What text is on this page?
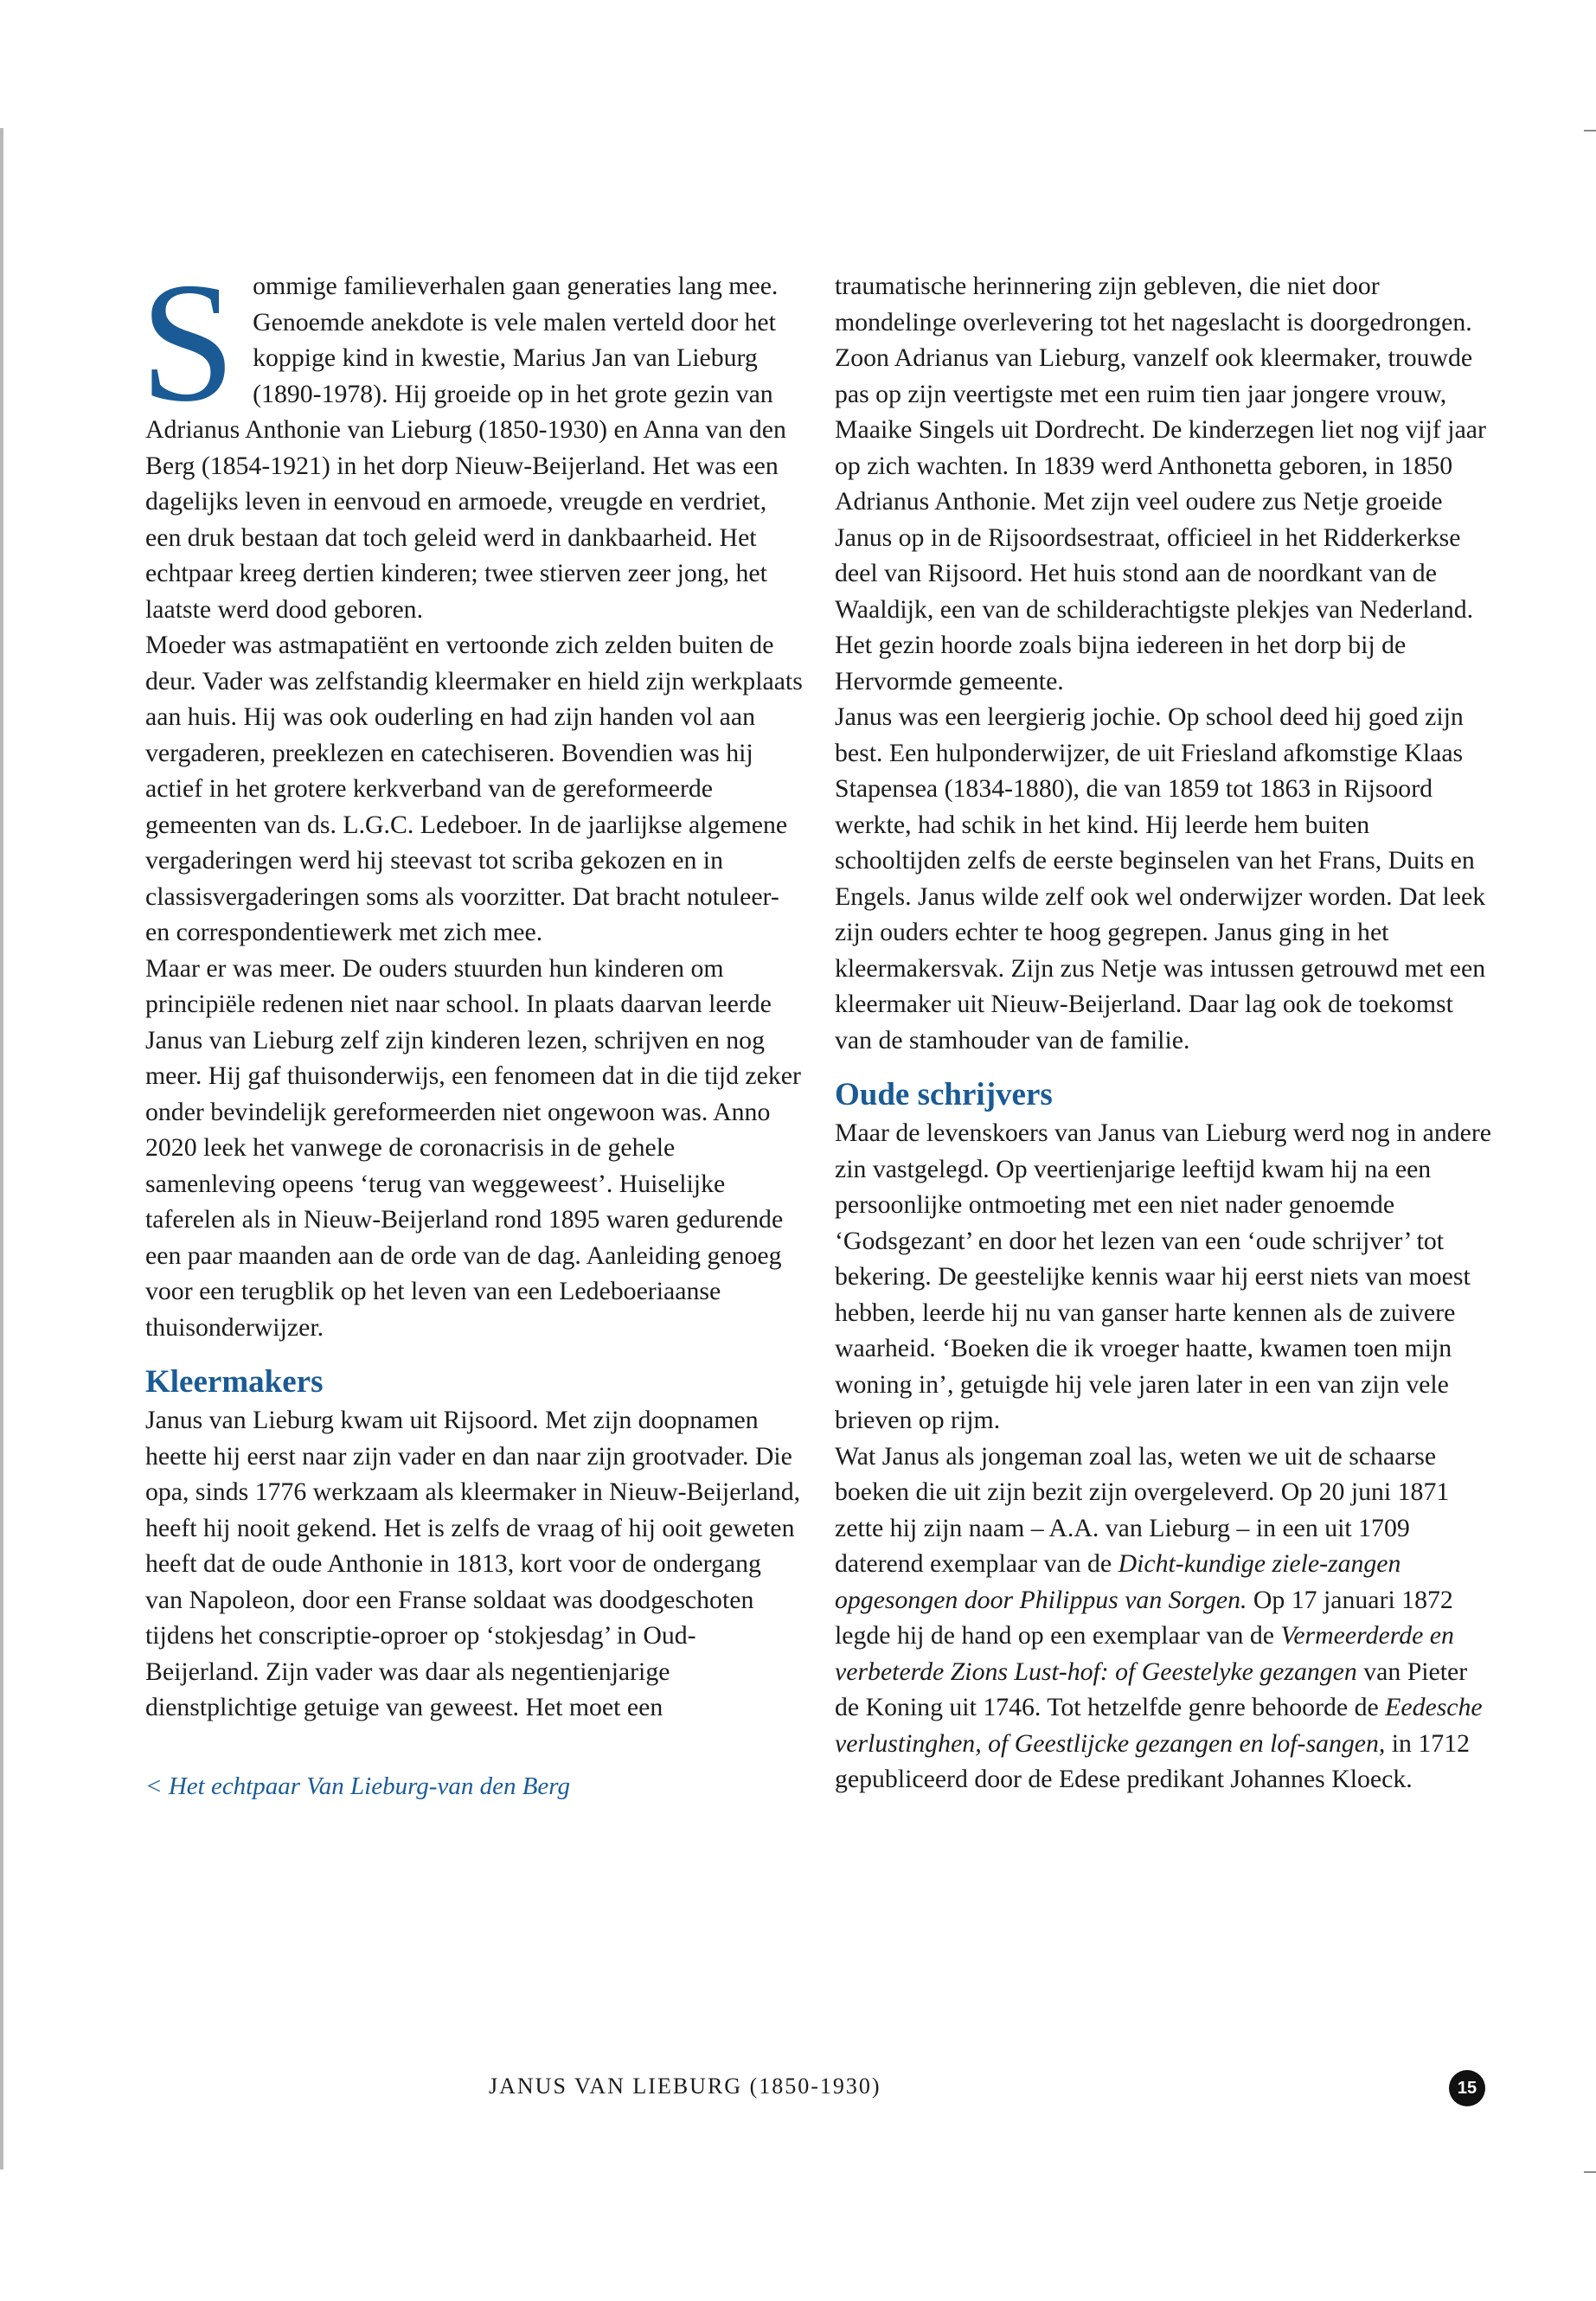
Sommige familieverhalen gaan generaties lang mee. Genoemde anekdote is vele malen verteld door het koppige kind in kwestie, Marius Jan van Lieburg (1890-1978). Hij groeide op in het grote gezin van Adrianus Anthonie van Lieburg (1850-1930) en Anna van den Berg (1854-1921) in het dorp Nieuw-Beijerland. Het was een dagelijks leven in eenvoud en armoede, vreugde en verdriet, een druk bestaan dat toch geleid werd in dankbaarheid. Het echtpaar kreeg dertien kinderen; twee stierven zeer jong, het laatste werd dood geboren.

Moeder was astmapatiënt en vertoonde zich zelden buiten de deur. Vader was zelfstandig kleermaker en hield zijn werkplaats aan huis. Hij was ook ouderling en had zijn handen vol aan vergaderen, preeklezen en catechiseren. Bovendien was hij actief in het grotere kerkverband van de gereformeerde gemeenten van ds. L.G.C. Ledeboer. In de jaarlijkse algemene vergaderingen werd hij steevast tot scriba gekozen en in classisvergaderingen soms als voorzitter. Dat bracht notuleer- en correspondentiewerk met zich mee.

Maar er was meer. De ouders stuurden hun kinderen om principiële redenen niet naar school. In plaats daarvan leerde Janus van Lieburg zelf zijn kinderen lezen, schrijven en nog meer. Hij gaf thuisonderwijs, een fenomeen dat in die tijd zeker onder bevindelijk gereformeerden niet ongewoon was. Anno 2020 leek het vanwege de coronacrisis in de gehele samenleving opeens ‘terug van weggeweest’. Huiselijke taferelen als in Nieuw-Beijerland rond 1895 waren gedurende een paar maanden aan de orde van de dag. Aanleiding genoeg voor een terugblik op het leven van een Ledeboeriaanse thuisonderwijzer.

Kleermakers

Janus van Lieburg kwam uit Rijsoord. Met zijn doopnamen heette hij eerst naar zijn vader en dan naar zijn grootvader. Die opa, sinds 1776 werkzaam als kleermaker in Nieuw-Beijerland, heeft hij nooit gekend. Het is zelfs de vraag of hij ooit geweten heeft dat de oude Anthonie in 1813, kort voor de ondergang van Napoleon, door een Franse soldaat was doodgeschoten tijdens het conscriptie-oproer op ‘stokjesdag’ in Oud-Beijerland. Zijn vader was daar als negentienjarige dienstplichtige getuige van geweest. Het moet een

< Het echtpaar Van Lieburg-van den Berg

traumatische herinnering zijn gebleven, die niet door mondelinge overlevering tot het nageslacht is doorgedrongen.

Zoon Adrianus van Lieburg, vanzelf ook kleermaker, trouwde pas op zijn veertigste met een ruim tien jaar jongere vrouw, Maaike Singels uit Dordrecht. De kinderzegen liet nog vijf jaar op zich wachten. In 1839 werd Anthonetta geboren, in 1850 Adrianus Anthonie. Met zijn veel oudere zus Netje groeide Janus op in de Rijsoordsestraat, officieel in het Ridderkerkse deel van Rijsoord. Het huis stond aan de noordkant van de Waaldijk, een van de schilderachtigste plekjes van Nederland. Het gezin hoorde zoals bijna iedereen in het dorp bij de Hervormde gemeente.

Janus was een leergierig jochie. Op school deed hij goed zijn best. Een hulponderwijzer, de uit Friesland afkomstige Klaas Stapensea (1834-1880), die van 1859 tot 1863 in Rijsoord werkte, had schik in het kind. Hij leerde hem buiten schooltijden zelfs de eerste beginselen van het Frans, Duits en Engels. Janus wilde zelf ook wel onderwijzer worden. Dat leek zijn ouders echter te hoog gegrepen. Janus ging in het kleermakersvak. Zijn zus Netje was intussen getrouwd met een kleermaker uit Nieuw-Beijerland. Daar lag ook de toekomst van de stamhouder van de familie.

Oude schrijvers

Maar de levenskoers van Janus van Lieburg werd nog in andere zin vastgelegd. Op veertienjarige leeftijd kwam hij na een persoonlijke ontmoeting met een niet nader genoemde ‘Godsgezant’ en door het lezen van een ‘oude schrijver’ tot bekering. De geestelijke kennis waar hij eerst niets van moest hebben, leerde hij nu van ganser harte kennen als de zuivere waarheid. ‘Boeken die ik vroeger haatte, kwamen toen mijn woning in’, getuigde hij vele jaren later in een van zijn vele brieven op rijm.

Wat Janus als jongeman zoal las, weten we uit de schaarse boeken die uit zijn bezit zijn overgeleverd. Op 20 juni 1871 zette hij zijn naam – A.A. van Lieburg – in een uit 1709 daterend exemplaar van de Dicht-kundige ziele-zangen opgesongen door Philippus van Sorgen. Op 17 januari 1872 legde hij de hand op een exemplaar van de Vermeerderde en verbeterde Zions Lust-hof: of Geestelyke gezangen van Pieter de Koning uit 1746. Tot hetzelfde genre behoorde de Eedesche verlustinghen, of Geestlijcke gezangen en lof-sangen, in 1712 gepubliceerd door de Edese predikant Johannes Kloeck.

JANUS VAN LIEBURG (1850-1930)	15
